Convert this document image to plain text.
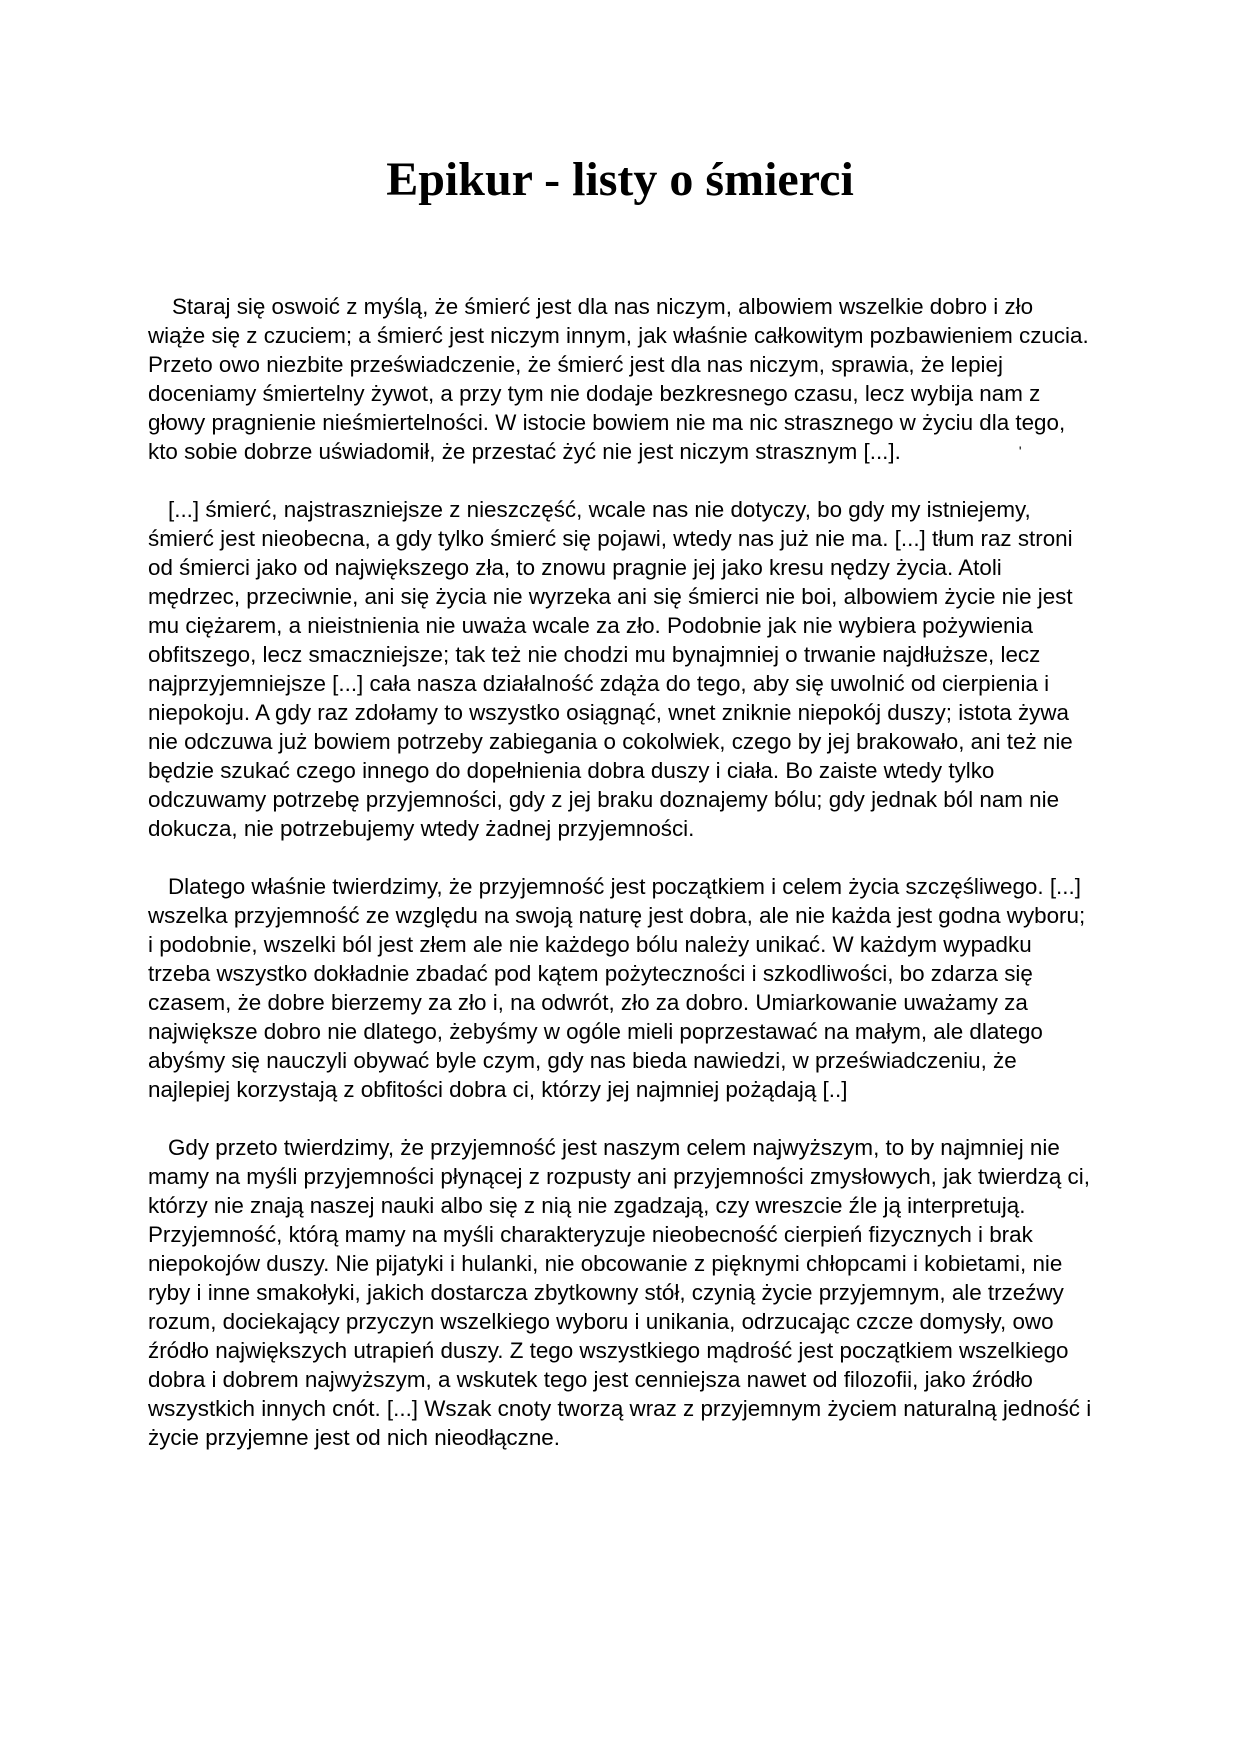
Epikur - listy o śmierci

Staraj się oswoić z myślą, że śmierć jest dla nas niczym, albowiem wszelkie dobro i zło wiąże się z czuciem; a śmierć jest niczym innym, jak właśnie całkowitym pozbawieniem czucia. Przeto owo niezbite przeświadczenie, że śmierć jest dla nas niczym, sprawia, że lepiej doceniamy śmiertelny żywot, a przy tym nie dodaje bezkresnego czasu, lecz wybija nam z głowy pragnienie nieśmiertelności. W istocie bowiem nie ma nic strasznego w życiu dla tego, kto sobie dobrze uświadomił, że przestać żyć nie jest niczym strasznym [...].	'

[...] śmierć, najstraszniejsze z nieszczęść, wcale nas nie dotyczy, bo gdy my istniejemy, śmierć jest nieobecna, a gdy tylko śmierć się pojawi, wtedy nas już nie ma. [...] tłum raz stroni od śmierci jako od największego zła, to znowu pragnie jej jako kresu nędzy życia. Atoli mędrzec, przeciwnie, ani się życia nie wyrzeka ani się śmierci nie boi, albowiem życie nie jest mu ciężarem, a nieistnienia nie uważa wcale za zło. Podobnie jak nie wybiera pożywienia obfitszego, lecz smaczniejsze; tak też nie chodzi mu bynajmniej o trwanie najdłuższe, lecz najprzyjemniejsze [...] cała nasza działalność zdąża do tego, aby się uwolnić od cierpienia i niepokoju. A gdy raz zdołamy to wszystko osiągnąć, wnet zniknie niepokój duszy; istota żywa nie odczuwa już bowiem potrzeby zabiegania o cokolwiek, czego by jej brakowało, ani też nie będzie szukać czego innego do dopełnienia dobra duszy i ciała. Bo zaiste wtedy tylko odczuwamy potrzebę przyjemności, gdy z jej braku doznajemy bólu; gdy jednak ból nam nie dokucza, nie potrzebujemy wtedy żadnej przyjemności.

Dlatego właśnie twierdzimy, że przyjemność jest początkiem i celem życia szczęśliwego. [...] wszelka przyjemność ze względu na swoją naturę jest dobra, ale nie każda jest godna wyboru; i podobnie, wszelki ból jest złem ale nie każdego bólu należy unikać. W każdym wypadku trzeba wszystko dokładnie zbadać pod kątem pożyteczności i szkodliwości, bo zdarza się czasem, że dobre bierzemy za zło i, na odwrót, zło za dobro. Umiarkowanie uważamy za największe dobro nie dlatego, żebyśmy w ogóle mieli poprzestawać na małym, ale dlatego abyśmy się nauczyli obywać byle czym, gdy nas bieda nawiedzi, w przeświadczeniu, że najlepiej korzystają z obfitości dobra ci, którzy jej najmniej pożądają [..]

Gdy przeto twierdzimy, że przyjemność jest naszym celem najwyższym, to by najmniej nie mamy na myśli przyjemności płynącej z rozpusty ani przyjemności zmysłowych, jak twierdzą ci, którzy nie znają naszej nauki albo się z nią nie zgadzają, czy wreszcie źle ją interpretują. Przyjemność, którą mamy na myśli charakteryzuje nieobecność cierpień fizycznych i brak niepokojów duszy. Nie pijatyki i hulanki, nie obcowanie z pięknymi chłopcami i kobietami, nie ryby i inne smakołyki, jakich dostarcza zbytkowny stół, czynią życie przyjemnym, ale trzeźwy rozum, dociekający przyczyn wszelkiego wyboru i unikania, odrzucając czcze domysły, owo źródło największych utrapień duszy. Z tego wszystkiego mądrość jest początkiem wszelkiego dobra i dobrem najwyższym, a wskutek tego jest cenniejsza nawet od filozofii, jako źródło wszystkich innych cnót. [...] Wszak cnoty tworzą wraz z przyjemnym życiem naturalną jedność i życie przyjemne jest od nich nieodłączne.
